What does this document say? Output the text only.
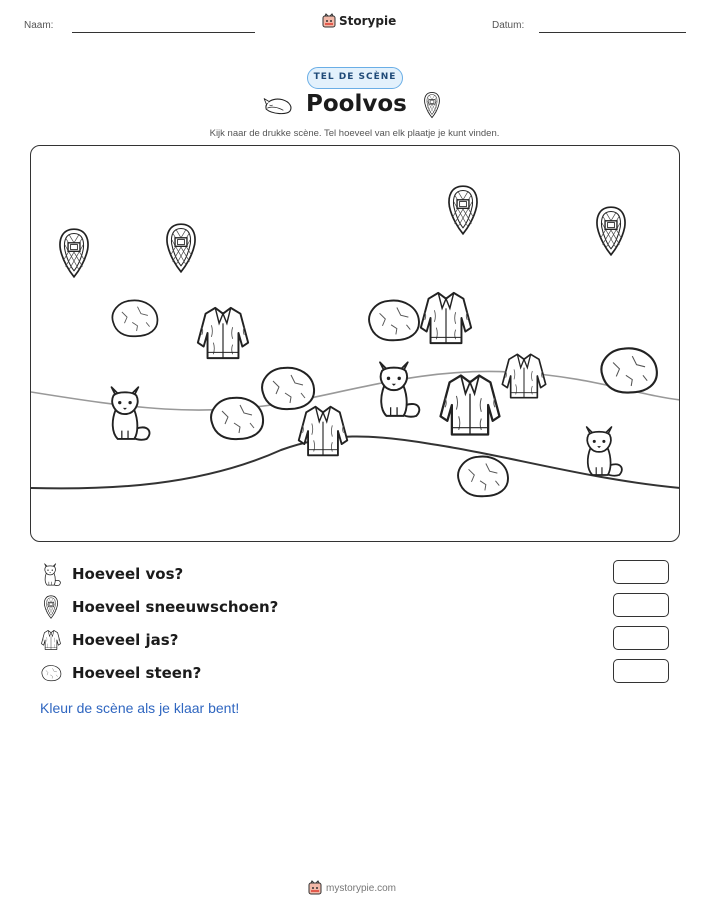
Naam:	Storypie	Datum:
TEL DE SCÈNE
Poolvos
Kijk naar de drukke scène. Tel hoeveel van elk plaatje je kunt vinden.
Hoeveel vos?
Hoeveel sneeuwschoen?
Hoeveel jas?
Hoeveel steen?
Kleur de scène als je klaar bent!
mystorypie.com
